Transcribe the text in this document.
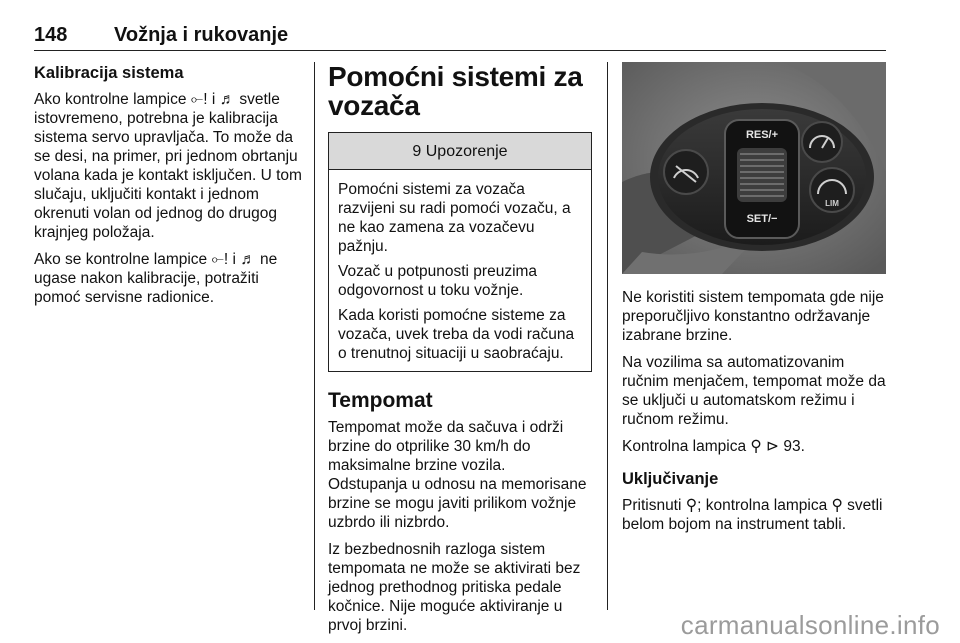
148 Vožnja i rukovanje
Kalibracija sistema

Ako kontrolne lampice ⟜! i ♬ svetle istovremeno, potrebna je kalibracija sistema servo upravljača. To može da se desi, na primer, pri jednom obrtanju volana kada je kontakt isključen. U tom slučaju, uključiti kontakt i jednom okrenuti volan od jednog do drugog krajnjeg položaja.

Ako se kontrolne lampice ⟜! i ♬ ne ugase nakon kalibracije, potražiti pomoć servisne radionice.

Pomoćni sistemi za vozača
9 Upozorenje

Pomoćni sistemi za vozača razvijeni su radi pomoći vozaču, a ne kao zamena za vozačevu pažnju.

Vozač u potpunosti preuzima odgovornost u toku vožnje.

Kada koristi pomoćne sisteme za vozača, uvek treba da vodi računa o trenutnoj situaciji u saobraćaju.

Tempomat

Tempomat može da sačuva i održi brzine do otprilike 30 km/h do maksimalne brzine vozila.

Odstupanja u odnosu na memorisane brzine se mogu javiti prilikom vožnje uzbrdo ili nizbrdo.

Iz bezbednosnih razloga sistem tempomata ne može se aktivirati bez jednog prethodnog pritiska pedale kočnice. Nije moguće aktiviranje u prvoj brzini.

RES/+
SET/−
LIM

Ne koristiti sistem tempomata gde nije preporučljivo konstantno održavanje izabrane brzine.

Na vozilima sa automatizovanim ručnim menjačem, tempomat može da se uključi u automatskom režimu i ručnom režimu.

Kontrolna lampica ⚲ ⊳ 93.

Uključivanje

Pritisnuti ⚲; kontrolna lampica ⚲ svetli belom bojom na instrument tabli.

carmanualsonline.info
